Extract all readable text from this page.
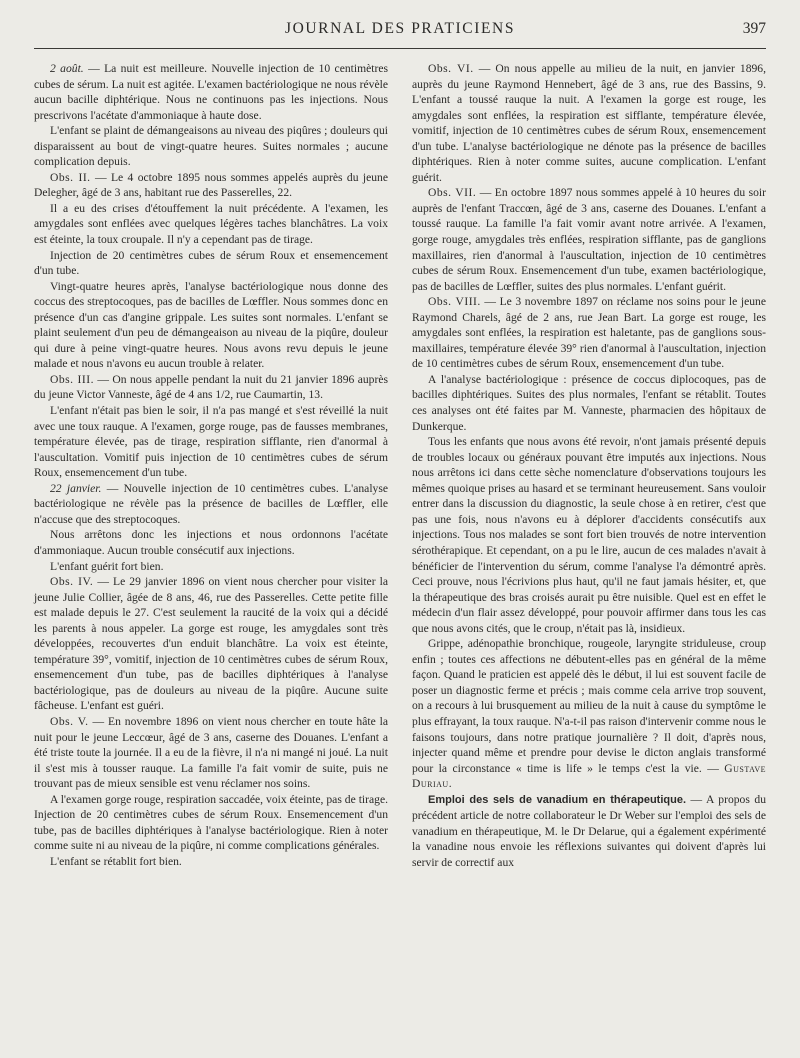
JOURNAL DES PRATICIENS	397

2 août. — La nuit est meilleure. Nouvelle injection de 10 centimètres cubes de sérum. La nuit est agitée. L'examen bactériologique ne nous révèle aucun bacille diphtérique. Nous ne continuons pas les injections. Nous prescrivons l'acétate d'ammoniaque à haute dose.

L'enfant se plaint de démangeaisons au niveau des piqûres ; douleurs qui disparaissent au bout de vingt-quatre heures. Suites normales ; aucune complication depuis.

Obs. II. — Le 4 octobre 1895 nous sommes appelés auprès du jeune Delegher, âgé de 3 ans, habitant rue des Passerelles, 22.

Il a eu des crises d'étouffement la nuit précédente. A l'examen, les amygdales sont enflées avec quelques légères taches blanchâtres. La voix est éteinte, la toux croupale. Il n'y a cependant pas de tirage.

Injection de 20 centimètres cubes de sérum Roux et ensemencement d'un tube.

Vingt-quatre heures après, l'analyse bactériologique nous donne des coccus des streptocoques, pas de bacilles de Lœffler. Nous sommes donc en présence d'un cas d'angine grippale. Les suites sont normales. L'enfant se plaint seulement d'un peu de démangeaison au niveau de la piqûre, douleur qui dure à peine vingt-quatre heures. Nous avons revu depuis le jeune malade et nous n'avons eu aucun trouble à relater.

Obs. III. — On nous appelle pendant la nuit du 21 janvier 1896 auprès du jeune Victor Vanneste, âgé de 4 ans 1/2, rue Caumartin, 13.

L'enfant n'était pas bien le soir, il n'a pas mangé et s'est réveillé la nuit avec une toux rauque. A l'examen, gorge rouge, pas de fausses membranes, température élevée, pas de tirage, respiration sifflante, rien d'anormal à l'auscultation. Vomitif puis injection de 10 centimètres cubes de sérum Roux, ensemencement d'un tube.

22 janvier. — Nouvelle injection de 10 centimètres cubes. L'analyse bactériologique ne révèle pas la présence de bacilles de Lœffler, elle n'accuse que des streptocoques.

Nous arrêtons donc les injections et nous ordonnons l'acétate d'ammoniaque. Aucun trouble consécutif aux injections.

L'enfant guérit fort bien.

Obs. IV. — Le 29 janvier 1896 on vient nous chercher pour visiter la jeune Julie Collier, âgée de 8 ans, 46, rue des Passerelles. Cette petite fille est malade depuis le 27. C'est seulement la raucité de la voix qui a décidé les parents à nous appeler. La gorge est rouge, les amygdales sont très développées, recouvertes d'un enduit blanchâtre. La voix est éteinte, température 39°, vomitif, injection de 10 centimètres cubes de sérum Roux, ensemencement d'un tube, pas de bacilles diphtériques à l'analyse bactériologique, pas de douleurs au niveau de la piqûre. Aucune suite fâcheuse. L'enfant est guéri.

Obs. V. — En novembre 1896 on vient nous chercher en toute hâte la nuit pour le jeune Leccœur, âgé de 3 ans, caserne des Douanes. L'enfant a été triste toute la journée. Il a eu de la fièvre, il n'a ni mangé ni joué. La nuit il s'est mis à tousser rauque. La famille l'a fait vomir de suite, puis ne trouvant pas de mieux sensible est venu réclamer nos soins.

A l'examen gorge rouge, respiration saccadée, voix éteinte, pas de tirage. Injection de 20 centimètres cubes de sérum Roux. Ensemencement d'un tube, pas de bacilles diphtériques à l'analyse bactériologique. Rien à noter comme suite ni au niveau de la piqûre, ni comme complications générales.

L'enfant se rétablit fort bien.

Obs. VI. — On nous appelle au milieu de la nuit, en janvier 1896, auprès du jeune Raymond Hennebert, âgé de 3 ans, rue des Bassins, 9. L'enfant a toussé rauque la nuit. A l'examen la gorge est rouge, les amygdales sont enflées, la respiration est sifflante, température élevée, vomitif, injection de 10 centimètres cubes de sérum Roux, ensemencement d'un tube. L'analyse bactériologique ne dénote pas la présence de bacilles diphtériques. Rien à noter comme suites, aucune complication. L'enfant guérit.

Obs. VII. — En octobre 1897 nous sommes appelé à 10 heures du soir auprès de l'enfant Traccœn, âgé de 3 ans, caserne des Douanes. L'enfant a toussé rauque. La famille l'a fait vomir avant notre arrivée. A l'examen, gorge rouge, amygdales très enflées, respiration sifflante, pas de ganglions maxillaires, rien d'anormal à l'auscultation, injection de 10 centimètres cubes de sérum Roux. Ensemencement d'un tube, examen bactériologique, pas de bacilles de Lœffler, suites des plus normales. L'enfant guérit.

Obs. VIII. — Le 3 novembre 1897 on réclame nos soins pour le jeune Raymond Charels, âgé de 2 ans, rue Jean Bart. La gorge est rouge, les amygdales sont enflées, la respiration est haletante, pas de ganglions sous-maxillaires, température élevée 39° rien d'anormal à l'auscultation, injection de 10 centimètres cubes de sérum Roux, ensemencement d'un tube.

A l'analyse bactériologique : présence de coccus diplocoques, pas de bacilles diphtériques. Suites des plus normales, l'enfant se rétablit. Toutes ces analyses ont été faites par M. Vanneste, pharmacien des hôpitaux de Dunkerque.

Tous les enfants que nous avons été revoir, n'ont jamais présenté depuis de troubles locaux ou généraux pouvant être imputés aux injections. Nous nous arrêtons ici dans cette sèche nomenclature d'observations toujours les mêmes quoique prises au hasard et se terminant heureusement. Sans vouloir entrer dans la discussion du diagnostic, la seule chose à en retirer, c'est que pas une fois, nous n'avons eu à déplorer d'accidents consécutifs aux injections. Tous nos malades se sont fort bien trouvés de notre intervention sérothérapique. Et cependant, on a pu le lire, aucun de ces malades n'avait à bénéficier de l'intervention du sérum, comme l'analyse l'a démontré après. Ceci prouve, nous l'écrivions plus haut, qu'il ne faut jamais hésiter, et, que la thérapeutique des bras croisés aurait pu être nuisible. Quel est en effet le médecin d'un flair assez développé, pour pouvoir affirmer dans tous les cas que nous avons cités, que le croup, n'était pas là, insidieux.

Grippe, adénopathie bronchique, rougeole, laryngite striduleuse, croup enfin ; toutes ces affections ne débutent-elles pas en général de la même façon. Quand le praticien est appelé dès le début, il lui est souvent facile de poser un diagnostic ferme et précis ; mais comme cela arrive trop souvent, on a recours à lui brusquement au milieu de la nuit à cause du symptôme le plus effrayant, la toux rauque. N'a-t-il pas raison d'intervenir comme nous le faisons toujours, dans notre pratique journalière ? Il doit, d'après nous, injecter quand même et prendre pour devise le dicton anglais transformé pour la circonstance « time is life » le temps c'est la vie. — Gustave Duriau.

Emploi des sels de vanadium en thérapeutique. — A propos du précédent article de notre collaborateur le Dr Weber sur l'emploi des sels de vanadium en thérapeutique, M. le Dr Delarue, qui a également expérimenté la vanadine nous envoie les réflexions suivantes qui doivent d'après lui servir de correctif aux
